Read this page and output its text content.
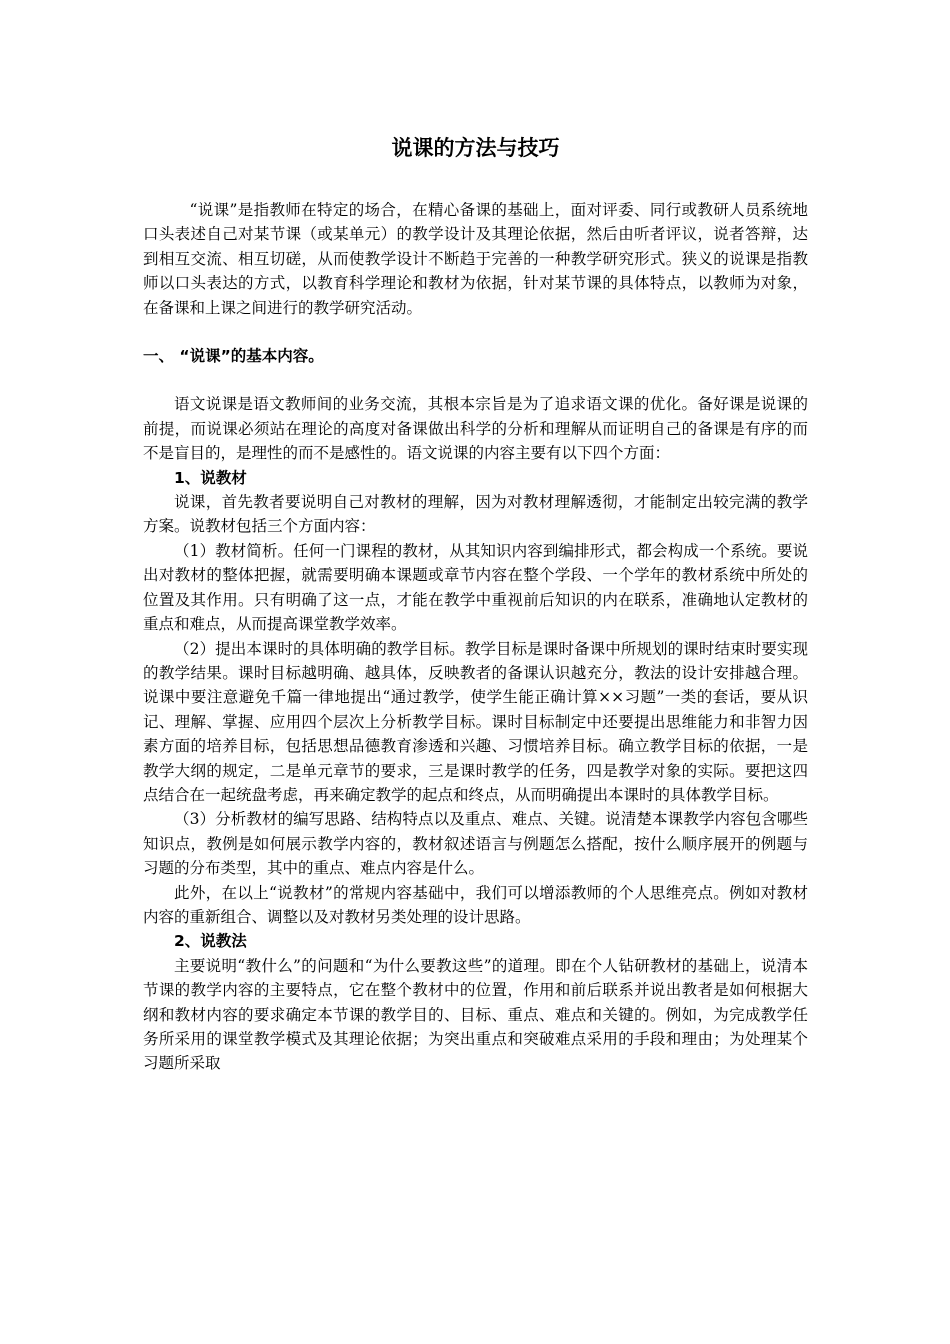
说课的方法与技巧

“说课”是指教师在特定的场合，在精心备课的基础上，面对评委、同行或教研人员系统地口头表述自己对某节课（或某单元）的教学设计及其理论依据，然后由听者评议，说者答辩，达到相互交流、相互切磋，从而使教学设计不断趋于完善的一种教学研究形式。狭义的说课是指教师以口头表达的方式，以教育科学理论和教材为依据，针对某节课的具体特点，以教师为对象，在备课和上课之间进行的教学研究活动。

一、 “说课”的基本内容。

语文说课是语文教师间的业务交流，其根本宗旨是为了追求语文课的优化。备好课是说课的前提，而说课必须站在理论的高度对备课做出科学的分析和理解从而证明自己的备课是有序的而不是盲目的，是理性的而不是感性的。语文说课的内容主要有以下四个方面：

1、说教材

说课，首先教者要说明自己对教材的理解，因为对教材理解透彻，才能制定出较完满的教学方案。说教材包括三个方面内容：

（1）教材简析。任何一门课程的教材，从其知识内容到编排形式，都会构成一个系统。要说出对教材的整体把握，就需要明确本课题或章节内容在整个学段、一个学年的教材系统中所处的位置及其作用。只有明确了这一点，才能在教学中重视前后知识的内在联系，准确地认定教材的重点和难点，从而提高课堂教学效率。

（2）提出本课时的具体明确的教学目标。教学目标是课时备课中所规划的课时结束时要实现的教学结果。课时目标越明确、越具体，反映教者的备课认识越充分，教法的设计安排越合理。说课中要注意避免千篇一律地提出“通过教学，使学生能正确计算××习题”一类的套话，要从识记、理解、掌握、应用四个层次上分析教学目标。课时目标制定中还要提出思维能力和非智力因素方面的培养目标，包括思想品德教育渗透和兴趣、习惯培养目标。确立教学目标的依据，一是教学大纲的规定，二是单元章节的要求，三是课时教学的任务，四是教学对象的实际。要把这四点结合在一起统盘考虑，再来确定教学的起点和终点，从而明确提出本课时的具体教学目标。

（3）分析教材的编写思路、结构特点以及重点、难点、关键。说清楚本课教学内容包含哪些知识点，教例是如何展示教学内容的，教材叙述语言与例题怎么搭配，按什么顺序展开的例题与习题的分布类型，其中的重点、难点内容是什么。

此外，在以上“说教材”的常规内容基础中，我们可以增添教师的个人思维亮点。例如对教材内容的重新组合、调整以及对教材另类处理的设计思路。

2、说教法

主要说明“教什么”的问题和“为什么要教这些”的道理。即在个人钻研教材的基础上，说清本节课的教学内容的主要特点，它在整个教材中的位置，作用和前后联系并说出教者是如何根据大纲和教材内容的要求确定本节课的教学目的、目标、重点、难点和关键的。例如，为完成教学任务所采用的课堂教学模式及其理论依据；为突出重点和突破难点采用的手段和理由；为处理某个习题所采取
